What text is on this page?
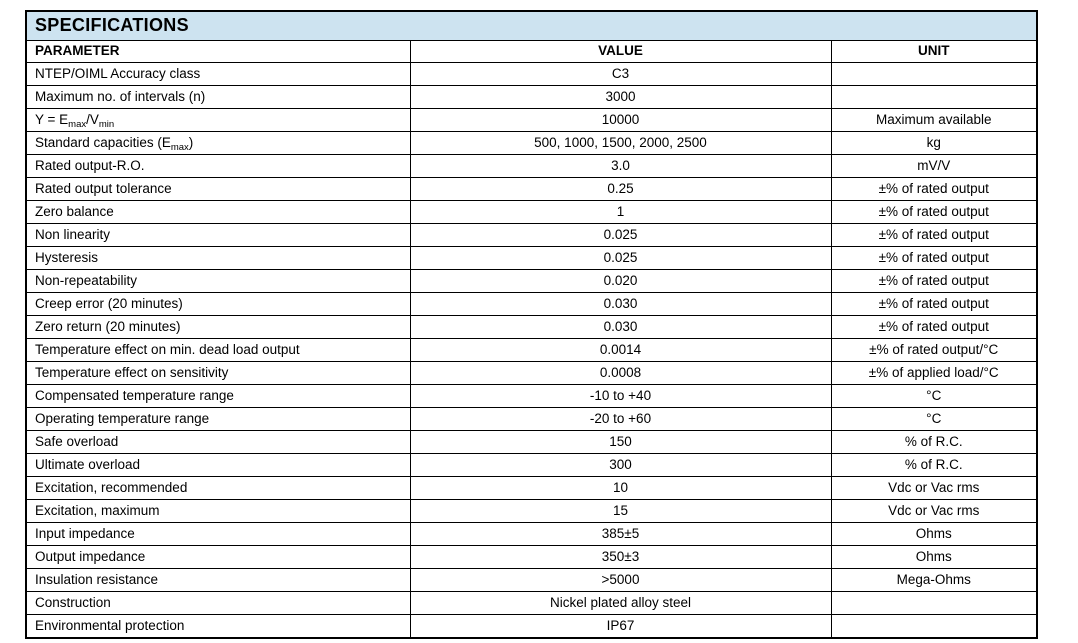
SPECIFICATIONS		
PARAMETER	VALUE	UNIT
NTEP/OIML Accuracy class	C3	
Maximum no. of intervals (n)	3000	
$Y = E_{max}/V_{min}$	10000	Maximum available
Standard capacities $(E_{max})$	500, 1000, 1500, 2000, 2500	kg
Rated output-R.O.	3.0	mV/V
Rated output tolerance	0.25	±% of rated output
Zero balance	1	±% of rated output
Non linearity	0.025	±% of rated output
Hysteresis	0.025	±% of rated output
Non-repeatability	0.020	±% of rated output
Creep error (20 minutes)	0.030	±% of rated output
Zero return (20 minutes)	0.030	±% of rated output
Temperature effect on min. dead load output	0.0014	±% of rated output/°C
Temperature effect on sensitivity	0.0008	±% of applied load/°C
Compensated temperature range	-10 to +40	°C
Operating temperature range	-20 to +60	°C
Safe overload	150	% of R.C.
Ultimate overload	300	% of R.C.
Excitation, recommended	10	Vdc or Vac rms
Excitation, maximum	15	Vdc or Vac rms
Input impedance	385±5	Ohms
Output impedance	350±3	Ohms
Insulation resistance	>5000	Mega-Ohms
Construction	Nickel plated alloy steel	
Environmental protection	IP67	
